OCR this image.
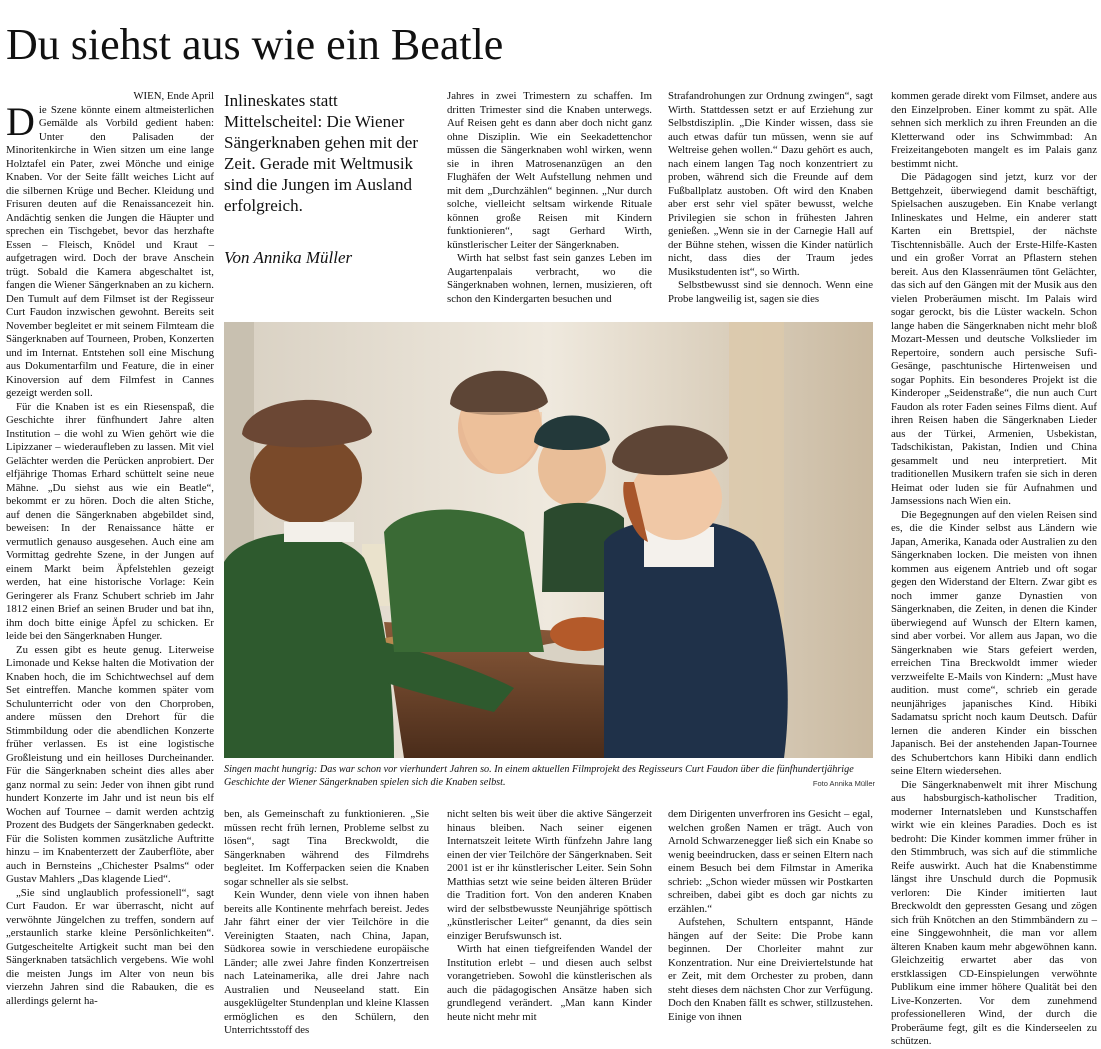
Du siehst aus wie ein Beatle

WIEN, Ende April

Die Szene könnte einem altmeisterlichen Gemälde als Vorbild gedient haben: Unter den Palisaden der Minoritenkirche in Wien sitzen um eine lange Holztafel ein Pater, zwei Mönche und einige Knaben. Vor der Seite fällt weiches Licht auf die silbernen Krüge und Becher. Kleidung und Frisuren deuten auf die Renaissancezeit hin. Andächtig senken die Jungen die Häupter und sprechen ein Tischgebet, bevor das herzhafte Essen – Fleisch, Knödel und Kraut – aufgetragen wird. Doch der brave Anschein trügt. Sobald die Kamera abgeschaltet ist, fangen die Wiener Sängerknaben an zu kichern. Den Tumult auf dem Filmset ist der Regisseur Curt Faudon inzwischen gewohnt. Bereits seit November begleitet er mit seinem Filmteam die Sängerknaben auf Tourneen, Proben, Konzerten und im Internat. Entstehen soll eine Mischung aus Dokumentarfilm und Feature, die in einer Kinoversion auf dem Filmfest in Cannes gezeigt werden soll.

Für die Knaben ist es ein Riesenspaß, die Geschichte ihrer fünfhundert Jahre alten Institution – die wohl zu Wien gehört wie die Lipizzaner – wiederaufleben zu lassen. Mit viel Gelächter werden die Perücken anprobiert. Der elfjährige Thomas Erhard schüttelt seine neue Mähne. „Du siehst aus wie ein Beatle“, bekommt er zu hören. Doch die alten Stiche, auf denen die Sängerknaben abgebildet sind, beweisen: In der Renaissance hätte er vermutlich genauso ausgesehen. Auch eine am Vormittag gedrehte Szene, in der Jungen auf einem Markt beim Äpfelstehlen gezeigt werden, hat eine historische Vorlage: Kein Geringerer als Franz Schubert schrieb im Jahr 1812 einen Brief an seinen Bruder und bat ihn, ihm doch bitte einige Äpfel zu schicken. Er leide bei den Sängerknaben Hunger.

Zu essen gibt es heute genug. Literweise Limonade und Kekse halten die Motivation der Knaben hoch, die im Schichtwechsel auf dem Set eintreffen. Manche kommen später vom Schulunterricht oder von den Chorproben, andere müssen den Drehort für die Stimmbildung oder die abendlichen Konzerte früher verlassen. Es ist eine logistische Großleistung und ein heilloses Durcheinander. Für die Sängerknaben scheint dies alles aber ganz normal zu sein: Jeder von ihnen gibt rund hundert Konzerte im Jahr und ist neun bis elf Wochen auf Tournee – damit werden achtzig Prozent des Budgets der Sängerknaben gedeckt. Für die Solisten kommen zusätzliche Auftritte hinzu – im Knabenterzett der Zauberflöte, aber auch in Bernsteins „Chichester Psalms“ oder Gustav Mahlers „Das klagende Lied“.

„Sie sind unglaublich professionell“, sagt Curt Faudon. Er war überrascht, nicht auf verwöhnte Jüngelchen zu treffen, sondern auf „erstaunlich starke kleine Persönlichkeiten“. Gutgescheitelte Artigkeit sucht man bei den Sängerknaben tatsächlich vergebens. Wie wohl die meisten Jungs im Alter von neun bis vierzehn Jahren sind die Rabauken, die es allerdings gelernt ha-

Inlineskates statt Mittelscheitel: Die Wiener Sängerknaben gehen mit der Zeit. Gerade mit Weltmusik sind die Jungen im Ausland erfolgreich.
Von Annika Müller

Jahres in zwei Trimestern zu schaffen. Im dritten Trimester sind die Knaben unterwegs. Auf Reisen geht es dann aber doch nicht ganz ohne Disziplin. Wie ein Seekadettenchor müssen die Sängerknaben wohl wirken, wenn sie in ihren Matrosenanzügen an den Flughäfen der Welt Aufstellung nehmen und mit dem „Durchzählen“ beginnen. „Nur durch solche, vielleicht seltsam wirkende Rituale können große Reisen mit Kindern funktionieren“, sagt Gerhard Wirth, künstlerischer Leiter der Sängerknaben.

Wirth hat selbst fast sein ganzes Leben im Augartenpalais verbracht, wo die Sängerknaben wohnen, lernen, musizieren, oft schon den Kindergarten besuchen und

Strafandrohungen zur Ordnung zwingen“, sagt Wirth. Stattdessen setzt er auf Erziehung zur Selbstdisziplin. „Die Kinder wissen, dass sie auch etwas dafür tun müssen, wenn sie auf Weltreise gehen wollen.“ Dazu gehört es auch, nach einem langen Tag noch konzentriert zu proben, während sich die Freunde auf dem Fußballplatz austoben. Oft wird den Knaben aber erst sehr viel später bewusst, welche Privilegien sie schon in frühesten Jahren genießen. „Wenn sie in der Carnegie Hall auf der Bühne stehen, wissen die Kinder natürlich nicht, dass dies der Traum jedes Musikstudenten ist“, so Wirth.

Selbstbewusst sind sie dennoch. Wenn eine Probe langweilig ist, sagen sie dies

kommen gerade direkt vom Filmset, andere aus den Einzelproben. Einer kommt zu spät. Alle sehnen sich merklich zu ihren Freunden an die Kletterwand oder ins Schwimmbad: An Freizeitangeboten mangelt es im Palais ganz bestimmt nicht.

Die Pädagogen sind jetzt, kurz vor der Bettgehzeit, überwiegend damit beschäftigt, Spielsachen auszugeben. Ein Knabe verlangt Inlineskates und Helme, ein anderer statt Karten ein Brettspiel, der nächste Tischtennisbälle. Auch der Erste-Hilfe-Kasten und ein großer Vorrat an Pflastern stehen bereit. Aus den Klassenräumen tönt Gelächter, das sich auf den Gängen mit der Musik aus den vielen Proberäumen mischt. Im Palais wird sogar gerockt, bis die Lüster wackeln. Schon lange haben die Sängerknaben nicht mehr bloß Mozart-Messen und deutsche Volkslieder im Repertoire, sondern auch persische Sufi-Gesänge, paschtunische Hirtenweisen und sogar Pophits. Ein besonderes Projekt ist die Kinderoper „Seidenstraße“, die nun auch Curt Faudon als roter Faden seines Films dient. Auf ihren Reisen haben die Sängerknaben Lieder aus der Türkei, Armenien, Usbekistan, Tadschikistan, Pakistan, Indien und China gesammelt und neu interpretiert. Mit traditionellen Musikern trafen sie sich in deren Heimat oder luden sie für Aufnahmen und Jamsessions nach Wien ein.

Die Begegnungen auf den vielen Reisen sind es, die die Kinder selbst aus Ländern wie Japan, Amerika, Kanada oder Australien zu den Sängerknaben locken. Die meisten von ihnen kommen aus eigenem Antrieb und oft sogar gegen den Widerstand der Eltern. Zwar gibt es noch immer ganze Dynastien von Sängerknaben, die Zeiten, in denen die Kinder überwiegend auf Wunsch der Eltern kamen, sind aber vorbei. Vor allem aus Japan, wo die Sängerknaben wie Stars gefeiert werden, erreichen Tina Breckwoldt immer wieder verzweifelte E-Mails von Kindern: „Must have audition. must come“, schrieb ein gerade neunjähriges japanisches Kind. Hibiki Sadamatsu spricht noch kaum Deutsch. Dafür lernen die anderen Kinder ein bisschen Japanisch. Bei der anstehenden Japan-Tournee des Schubertchors kann Hibiki dann endlich seine Eltern wiedersehen.

Die Sängerknabenwelt mit ihrer Mischung aus habsburgisch-katholischer Tradition, moderner Internatsleben und Kunstschaffen wirkt wie ein kleines Paradies. Doch es ist bedroht: Die Kinder kommen immer früher in den Stimmbruch, was sich auf die stimmliche Reife auswirkt. Auch hat die Knabenstimme längst ihre Unschuld durch die Popmusik verloren: Die Kinder imitierten laut Breckwoldt den gepressten Gesang und zögen sich früh Knötchen an den Stimmbändern zu – eine Singgewohnheit, die man vor allem älteren Knaben kaum mehr abgewöhnen kann. Gleichzeitig erwartet aber das von erstklassigen CD-Einspielungen verwöhnte Publikum eine immer höhere Qualität bei den Live-Konzerten. Vor dem zunehmend professionelleren Wind, der durch die Proberäume fegt, gilt es die Kinderseelen zu schützen.

Singen macht hungrig: Das war schon vor vierhundert Jahren so. In einem aktuellen Filmprojekt des Regisseurs Curt Faudon über die fünfhundertjährige Geschichte der Wiener Sängerknaben spielen sich die Knaben selbst.	Foto Annika Müller

ben, als Gemeinschaft zu funktionieren. „Sie müssen recht früh lernen, Probleme selbst zu lösen“, sagt Tina Breckwoldt, die Sängerknaben während des Filmdrehs begleitet. Im Kofferpacken seien die Knaben sogar schneller als sie selbst.

Kein Wunder, denn viele von ihnen haben bereits alle Kontinente mehrfach bereist. Jedes Jahr fährt einer der vier Teilchöre in die Vereinigten Staaten, nach China, Japan, Südkorea sowie in verschiedene europäische Länder; alle zwei Jahre finden Konzertreisen nach Lateinamerika, alle drei Jahre nach Australien und Neuseeland statt. Ein ausgeklügelter Stundenplan und kleine Klassen ermöglichen es den Schülern, den Unterrichtsstoff des

nicht selten bis weit über die aktive Sängerzeit hinaus bleiben. Nach seiner eigenen Internatszeit leitete Wirth fünfzehn Jahre lang einen der vier Teilchöre der Sängerknaben. Seit 2001 ist er ihr künstlerischer Leiter. Sein Sohn Matthias setzt wie seine beiden älteren Brüder die Tradition fort. Von den anderen Knaben wird der selbstbewusste Neunjährige spöttisch „künstlerischer Leiter“ genannt, da dies sein einziger Berufswunsch ist.

Wirth hat einen tiefgreifenden Wandel der Institution erlebt – und diesen auch selbst vorangetrieben. Sowohl die künstlerischen als auch die pädagogischen Ansätze haben sich grundlegend verändert. „Man kann Kinder heute nicht mehr mit

dem Dirigenten unverfroren ins Gesicht – egal, welchen großen Namen er trägt. Auch von Arnold Schwarzenegger ließ sich ein Knabe so wenig beeindrucken, dass er seinen Eltern nach einem Besuch bei dem Filmstar in Amerika schrieb: „Schon wieder müssen wir Postkarten schreiben, dabei gibt es doch gar nichts zu erzählen.“

Aufstehen, Schultern entspannt, Hände hängen auf der Seite: Die Probe kann beginnen. Der Chorleiter mahnt zur Konzentration. Nur eine Dreiviertelstunde hat er Zeit, mit dem Orchester zu proben, dann steht dieses dem nächsten Chor zur Verfügung. Doch den Knaben fällt es schwer, stillzustehen. Einige von ihnen
